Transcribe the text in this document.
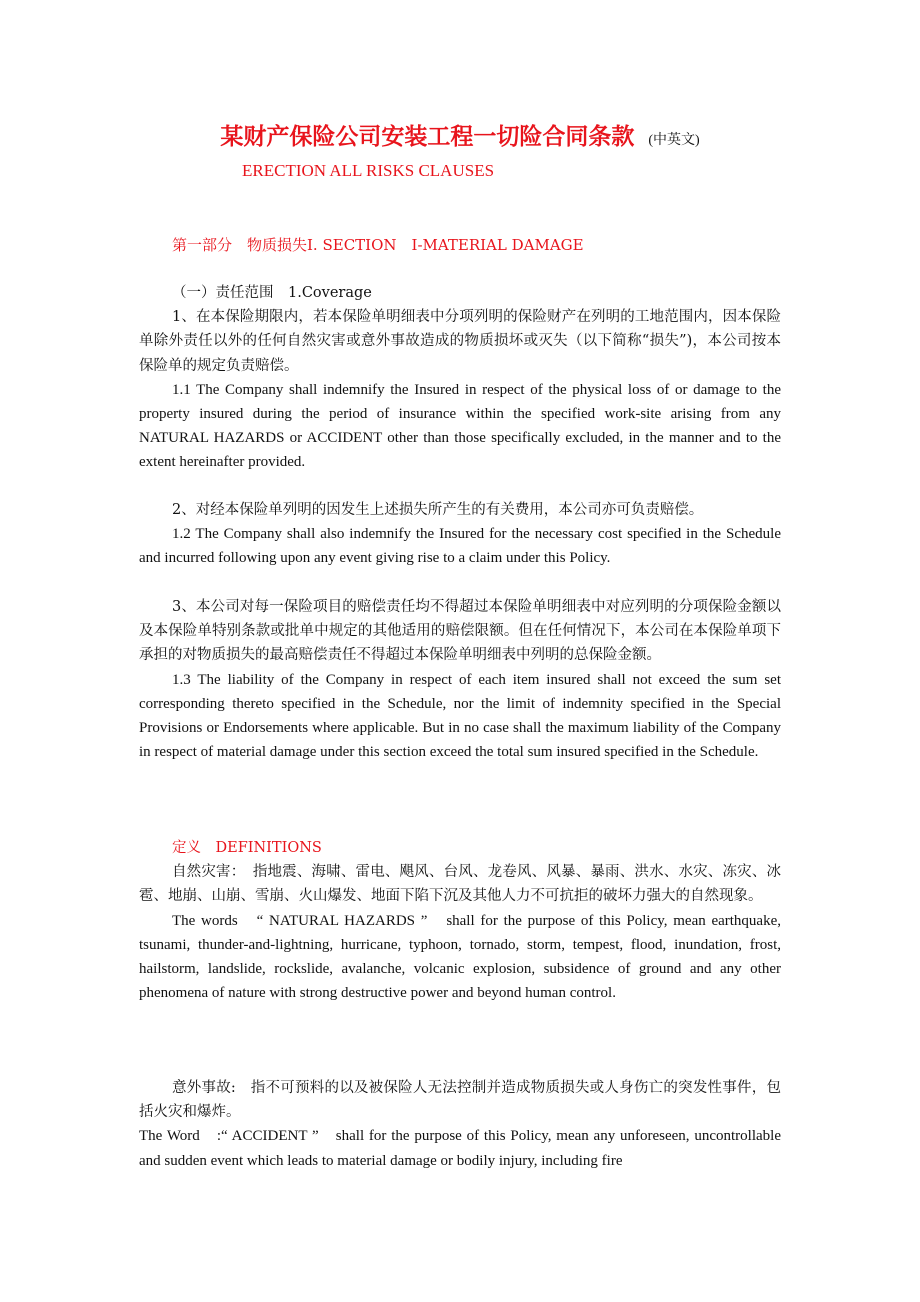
某财产保险公司安装工程一切险合同条款 (中英文)
ERECTION ALL RISKS CLAUSES
第一部分　物质损失Ⅰ. SECTION　Ⅰ-MATERIAL DAMAGE

（一）责任范围　1.Coverage

1、在本保险期限内，若本保险单明细表中分项列明的保险财产在列明的工地范围内，因本保险单除外责任以外的任何自然灾害或意外事故造成的物质损坏或灭失（以下简称“损失”)，本公司按本保险单的规定负责赔偿。

1.1 The Company shall indemnify the Insured in respect of the physical loss of or damage to the property insured during the period of insurance within the specified work-site arising from any NATURAL HAZARDS or ACCIDENT other than those specifically excluded, in the manner and to the extent hereinafter provided.

2、对经本保险单列明的因发生上述损失所产生的有关费用，本公司亦可负责赔偿。

1.2 The Company shall also indemnify the Insured for the necessary cost specified in the Schedule and incurred following upon any event giving rise to a claim under this Policy.

3、本公司对每一保险项目的赔偿责任均不得超过本保险单明细表中对应列明的分项保险金额以及本保险单特别条款或批单中规定的其他适用的赔偿限额。但在任何情况下，本公司在本保险单项下承担的对物质损失的最高赔偿责任不得超过本保险单明细表中列明的总保险金额。

1.3 The liability of the Company in respect of each item insured shall not exceed the sum set corresponding thereto specified in the Schedule, nor the limit of indemnity specified in the Special Provisions or Endorsements where applicable. But in no case shall the maximum liability of the Company in respect of material damage under this section exceed the total sum insured specified in the Schedule.

定义　DEFINITIONS

自然灾害：　指地震、海啸、雷电、飓风、台风、龙卷风、风暴、暴雨、洪水、水灾、冻灾、冰雹、地崩、山崩、雪崩、火山爆发、地面下陷下沉及其他人力不可抗拒的破坏力强大的自然现象。

The words　“ NATURAL HAZARDS ”　shall for the purpose of this Policy, mean earthquake, tsunami, thunder-and-lightning, hurricane, typhoon, tornado, storm, tempest, flood, inundation, frost, hailstorm, landslide, rockslide, avalanche, volcanic explosion, subsidence of ground and any other phenomena of nature with strong destructive power and beyond human control.

意外事故:　指不可预料的以及被保险人无法控制并造成物质损失或人身伤亡的突发性事件，包括火灾和爆炸。

The Word　:“ ACCIDENT ”　shall for the purpose of this Policy, mean any unforeseen, uncontrollable and sudden event which leads to material damage or bodily injury, including fire
